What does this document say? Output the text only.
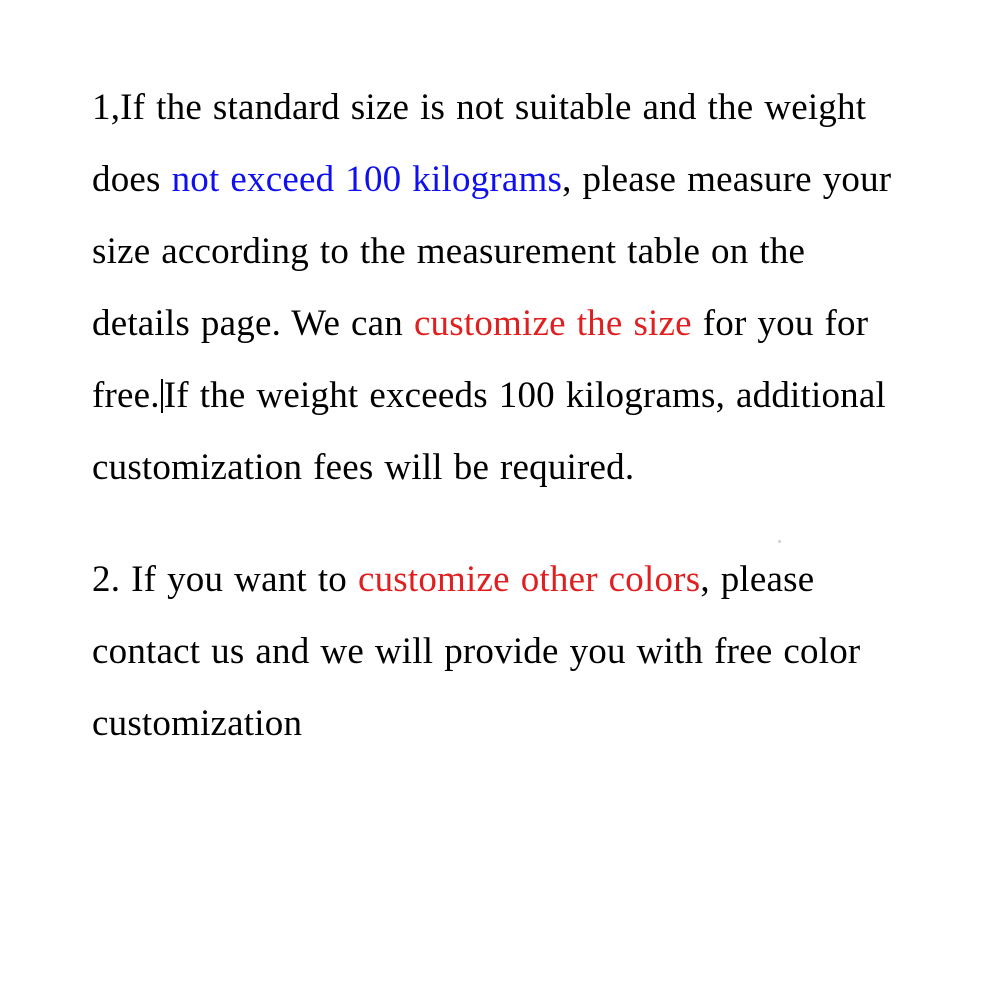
1,If the standard size is not suitable and the weight does not exceed 100 kilograms, please measure your size according to the measurement table on the details page. We can customize the size for you for free. If the weight exceeds 100 kilograms, additional customization fees will be required.

2. If you want to customize other colors, please contact us and we will provide you with free color customization
